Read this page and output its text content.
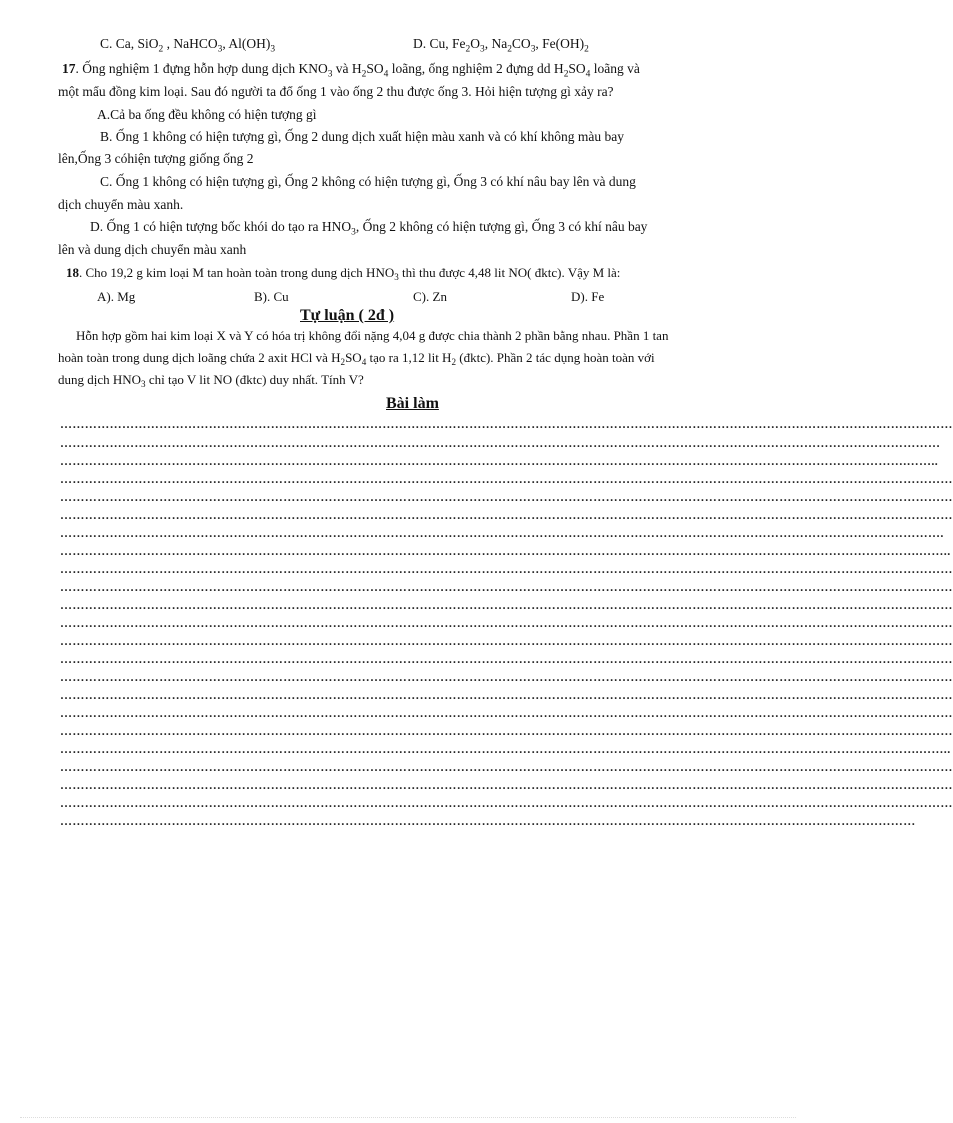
C. Ca, SiO$_2$ , NaHCO$_3$, $Al(OH)_3$	D. Cu, $Fe_2O_3$, $Na_2CO_3$, $Fe(OH)_2$
17. Ống nghiệm 1 đựng hỗn hợp dung dịch $KNO_3$ và $H_2SO_4$ loãng, ống nghiệm 2 đựng dd $H_2SO_4$ loãng và
một mẩu đồng kim loại. Sau đó người ta đổ ống 1 vào ống 2 thu được ống 3. Hỏi hiện tượng gì xảy ra?
A.Cả ba ống đều không có hiện tượng gì
B. Ống 1 không có hiện tượng gì, Ống 2 dung dịch xuất hiện màu xanh và có khí không màu bay
lên,Ống 3 cóhiện tượng giống ống 2
C. Ống 1 không có hiện tượng gì, Ống 2 không có hiện tượng gì, Ống 3 có khí nâu bay lên và dung
dịch chuyển màu xanh.
D. Ống 1 có hiện tượng bốc khói do tạo ra $HNO_3$, Ống 2 không có hiện tượng gì, Ống 3 có khí nâu bay
lên và dung dịch chuyển màu xanh
18. Cho 19,2 g kim loại M tan hoàn toàn trong dung dịch $HNO_3$ thì thu được 4,48 lit NO( đktc). Vậy M là:
A). Mg	B). Cu	C). Zn	D). Fe
Tự luận ( 2đ )
Hỗn hợp gồm hai kim loại X và Y có hóa trị không đổi nặng 4,04 g được chia thành 2 phần bằng nhau. Phần 1 tan
hoàn toàn trong dung dịch loãng chứa 2 axit HCl và $H_2SO_4$ tạo ra 1,12 lit $H_2$ (đktc). Phần 2 tác dụng hoàn toàn với
dung dịch $HNO_3$ chỉ tạo V lit NO (đktc) duy nhất. Tính V?
Bài làm
………………………………………………………………………………………………………………………………………………………………………………………………
……………………………………………………………………………………………………………………………………………………………………………………………
…………………………………………………………………………………………………………………………………………………………………………………….……..
………………………………………………………………………………………………………………………………………………………………………………………………
………………………………………………………………………………………………………………………………………………………………………………………………
………………………………………………………………………………………………………………………………………………………………………………………………
…………………………………………………………………………………………………………………………………………………………………………………………….
……………………………………………………………………………………………………………………………………………………………………………………….……..
………………………………………………………………………………………………………………………………………………………………………………………………
………………………………………………………………………………………………………………………………………………………………………………………………
………………………………………………………………………………………………………………………………………………………………………………………………
………………………………………………………………………………………………………………………………………………………………………………………………
………………………………………………………………………………………………………………………………………………………………………………………………
………………………………………………………………………………………………………………………………………………………………………………………………
………………………………………………………………………………………………………………………………………………………………………………………………
………………………………………………………………………………………………………………………………………………………………………………………………
………………………………………………………………………………………………………………………………………………………………………………………………
………………………………………………………………………………………………………………………………………………………………………………………………
……………………………………………………………………………………………………………………………………………………………………………………….……..
………………………………………………………………………………………………………………………………………………………………………………………………
………………………………………………………………………………………………………………………………………………………………………………………………
………………………………………………………………………………………………………………………………………………………………………………………………
………………………………………………………………………………………………………………………………………………………………………………………
